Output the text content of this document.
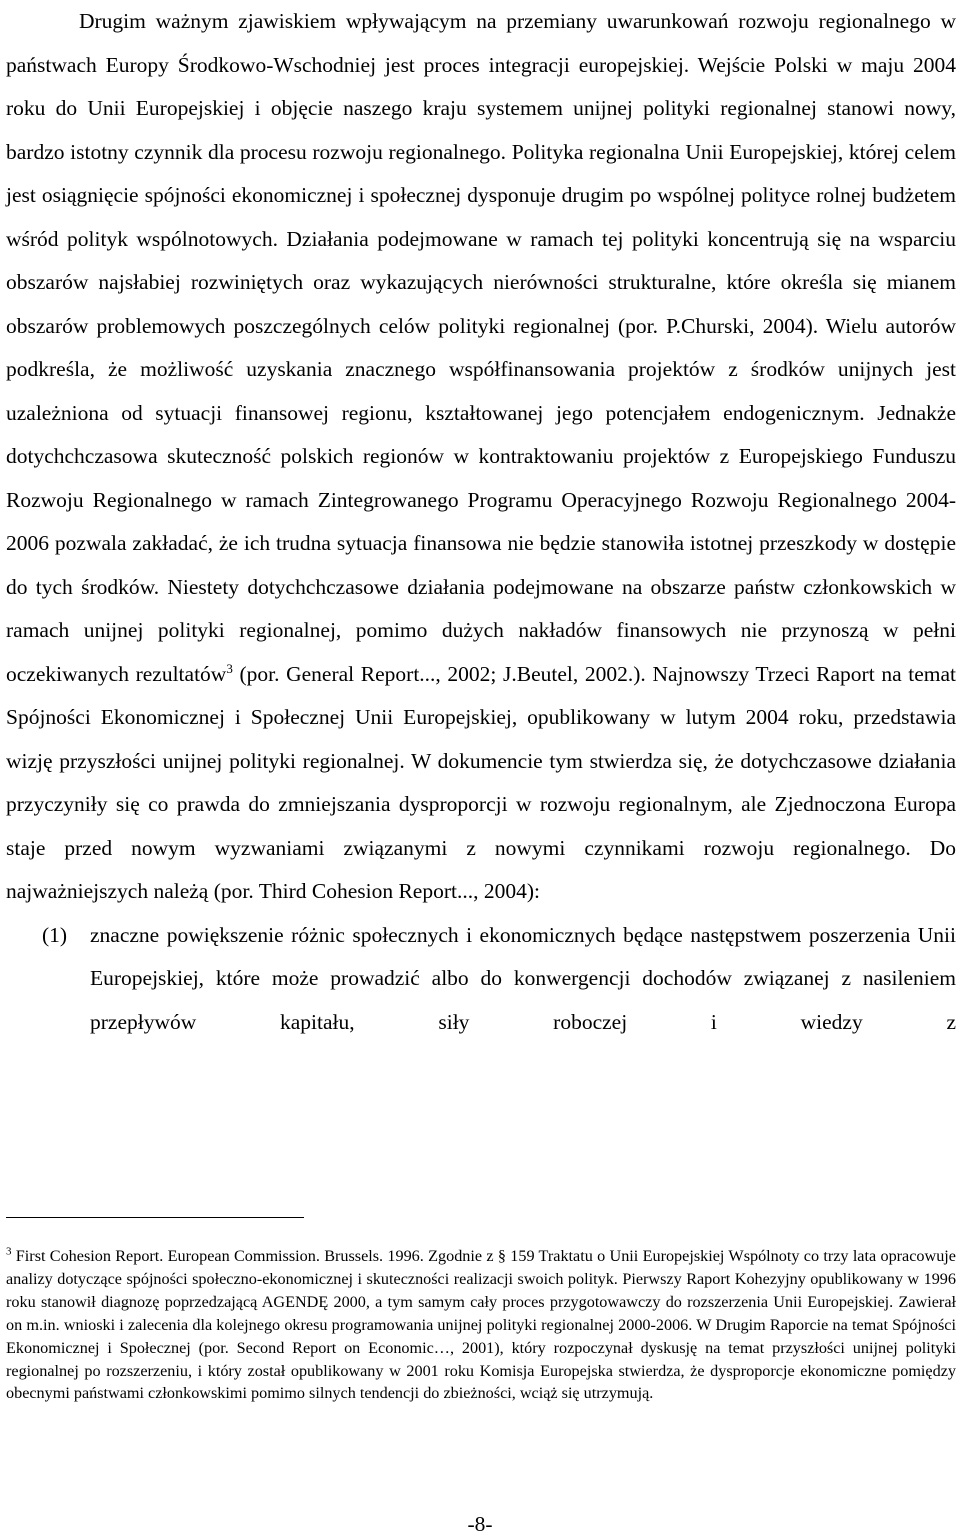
Drugim ważnym zjawiskiem wpływającym na przemiany uwarunkowań rozwoju regionalnego w państwach Europy Środkowo-Wschodniej jest proces integracji europejskiej. Wejście Polski w maju 2004 roku do Unii Europejskiej i objęcie naszego kraju systemem unijnej polityki regionalnej stanowi nowy, bardzo istotny czynnik dla procesu rozwoju regionalnego. Polityka regionalna Unii Europejskiej, której celem jest osiągnięcie spójności ekonomicznej i społecznej dysponuje drugim po wspólnej polityce rolnej budżetem wśród polityk wspólnotowych. Działania podejmowane w ramach tej polityki koncentrują się na wsparciu obszarów najsłabiej rozwiniętych oraz wykazujących nierówności strukturalne, które określa się mianem obszarów problemowych poszczególnych celów polityki regionalnej (por. P.Churski, 2004). Wielu autorów podkreśla, że możliwość uzyskania znacznego współfinansowania projektów z środków unijnych jest uzależniona od sytuacji finansowej regionu, kształtowanej jego potencjałem endogenicznym. Jednakże dotychchczasowa skuteczność polskich regionów w kontraktowaniu projektów z Europejskiego Funduszu Rozwoju Regionalnego w ramach Zintegrowanego Programu Operacyjnego Rozwoju Regionalnego 2004-2006 pozwala zakładać, że ich trudna sytuacja finansowa nie będzie stanowiła istotnej przeszkody w dostępie do tych środków. Niestety dotychchczasowe działania podejmowane na obszarze państw członkowskich w ramach unijnej polityki regionalnej, pomimo dużych nakładów finansowych nie przynoszą w pełni oczekiwanych rezultatów$^3$ (por. General Report..., 2002; J.Beutel, 2002.). Najnowszy Trzeci Raport na temat Spójności Ekonomicznej i Społecznej Unii Europejskiej, opublikowany w lutym 2004 roku, przedstawia wizję przyszłości unijnej polityki regionalnej. W dokumencie tym stwierdza się, że dotychczasowe działania przyczyniły się co prawda do zmniejszania dysproporcji w rozwoju regionalnym, ale Zjednoczona Europa staje przed nowym wyzwaniami związanymi z nowymi czynnikami rozwoju regionalnego. Do najważniejszych należą (por. Third Cohesion Report..., 2004):

(1)	znaczne powiększenie różnic społecznych i ekonomicznych będące następstwem poszerzenia Unii Europejskiej, które może prowadzić albo do konwergencji dochodów związanej z nasileniem przepływów kapitału, siły roboczej i wiedzy z

$^3$ First Cohesion Report. European Commission. Brussels. 1996. Zgodnie z § 159 Traktatu o Unii Europejskiej Wspólnoty co trzy lata opracowuje analizy dotyczące spójności społeczno-ekonomicznej i skuteczności realizacji swoich polityk. Pierwszy Raport Kohezyjny opublikowany w 1996 roku stanowił diagnozę poprzedzającą AGENDĘ 2000, a tym samym cały proces przygotowawczy do rozszerzenia Unii Europejskiej. Zawierał on m.in. wnioski i zalecenia dla kolejnego okresu programowania unijnej polityki regionalnej 2000-2006. W Drugim Raporcie na temat Spójności Ekonomicznej i Społecznej (por. Second Report on Economic…, 2001), który rozpoczynał dyskusję na temat przyszłości unijnej polityki regionalnej po rozszerzeniu, i który został opublikowany w 2001 roku Komisja Europejska stwierdza, że dysproporcje ekonomiczne pomiędzy obecnymi państwami członkowskimi pomimo silnych tendencji do zbieżności, wciąż się utrzymują.

-8-
